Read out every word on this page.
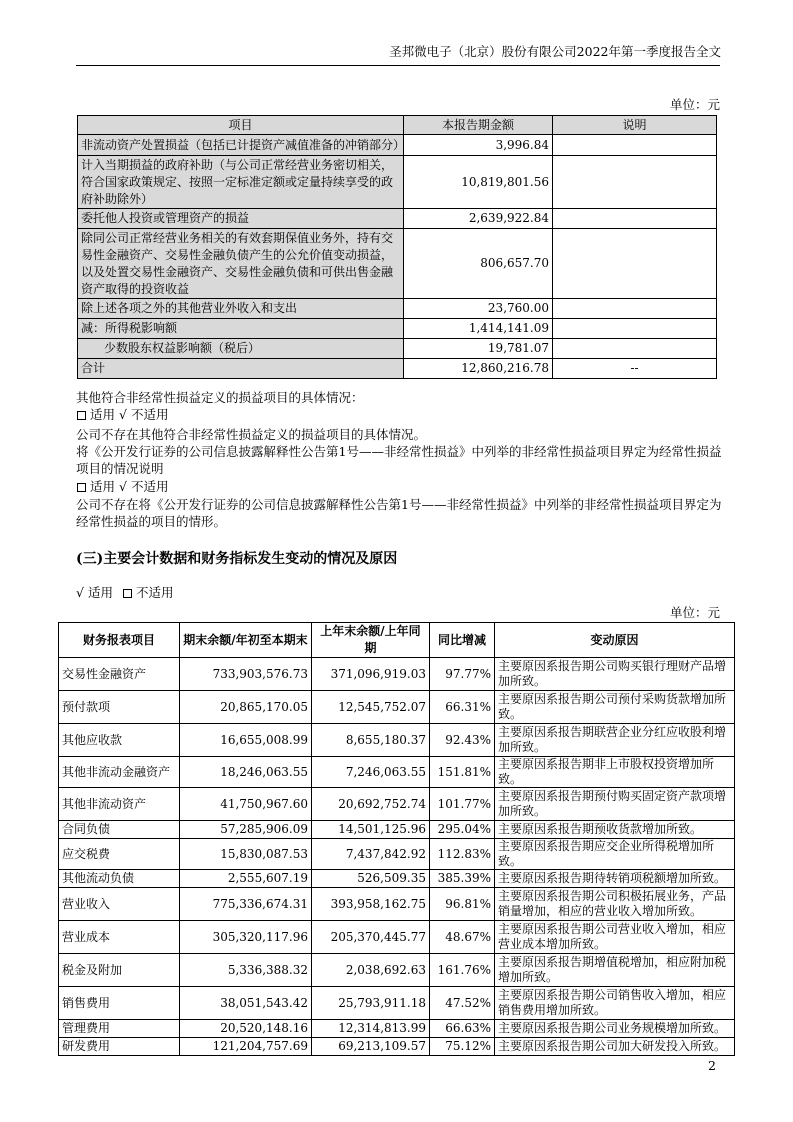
圣邦微电子（北京）股份有限公司2022年第一季度报告全文
单位：元
项目	本报告期金额	说明
非流动资产处置损益（包括已计提资产减值准备的冲销部分）	3,996.84	
计入当期损益的政府补助（与公司正常经营业务密切相关，符合国家政策规定、按照一定标准定额或定量持续享受的政府补助除外）	10,819,801.56	
委托他人投资或管理资产的损益	2,639,922.84	
除同公司正常经营业务相关的有效套期保值业务外，持有交易性金融资产、交易性金融负债产生的公允价值变动损益，以及处置交易性金融资产、交易性金融负债和可供出售金融资产取得的投资收益	806,657.70	
除上述各项之外的其他营业外收入和支出	23,760.00	
减：所得税影响额	1,414,141.09	
少数股东权益影响额（税后）	19,781.07	
合计	12,860,216.78	--
其他符合非经常性损益定义的损益项目的具体情况：
适用 √ 不适用
公司不存在其他符合非经常性损益定义的损益项目的具体情况。
将《公开发行证券的公司信息披露解释性公告第1号——非经常性损益》中列举的非经常性损益项目界定为经常性损益项目的情况说明
适用 √ 不适用
公司不存在将《公开发行证券的公司信息披露解释性公告第1号——非经常性损益》中列举的非经常性损益项目界定为经常性损益的项目的情形。
(三)主要会计数据和财务指标发生变动的情况及原因
√ 适用 不适用
单位：元
财务报表项目	期末余额/年初至本期末	上年末余额/上年同期	同比增减	变动原因
交易性金融资产	733,903,576.73	371,096,919.03	97.77%	主要原因系报告期公司购买银行理财产品增加所致。
预付款项	20,865,170.05	12,545,752.07	66.31%	主要原因系报告期公司预付采购货款增加所致。
其他应收款	16,655,008.99	8,655,180.37	92.43%	主要原因系报告期联营企业分红应收股利增加所致。
其他非流动金融资产	18,246,063.55	7,246,063.55	151.81%	主要原因系报告期非上市股权投资增加所致。
其他非流动资产	41,750,967.60	20,692,752.74	101.77%	主要原因系报告期预付购买固定资产款项增加所致。
合同负债	57,285,906.09	14,501,125.96	295.04%	主要原因系报告期预收货款增加所致。
应交税费	15,830,087.53	7,437,842.92	112.83%	主要原因系报告期应交企业所得税增加所致。
其他流动负债	2,555,607.19	526,509.35	385.39%	主要原因系报告期待转销项税额增加所致。
营业收入	775,336,674.31	393,958,162.75	96.81%	主要原因系报告期公司积极拓展业务，产品销量增加，相应的营业收入增加所致。
营业成本	305,320,117.96	205,370,445.77	48.67%	主要原因系报告期公司营业收入增加，相应营业成本增加所致。
税金及附加	5,336,388.32	2,038,692.63	161.76%	主要原因系报告期增值税增加，相应附加税增加所致。
销售费用	38,051,543.42	25,793,911.18	47.52%	主要原因系报告期公司销售收入增加，相应销售费用增加所致。
管理费用	20,520,148.16	12,314,813.99	66.63%	主要原因系报告期公司业务规模增加所致。
研发费用	121,204,757.69	69,213,109.57	75.12%	主要原因系报告期公司加大研发投入所致。
2
